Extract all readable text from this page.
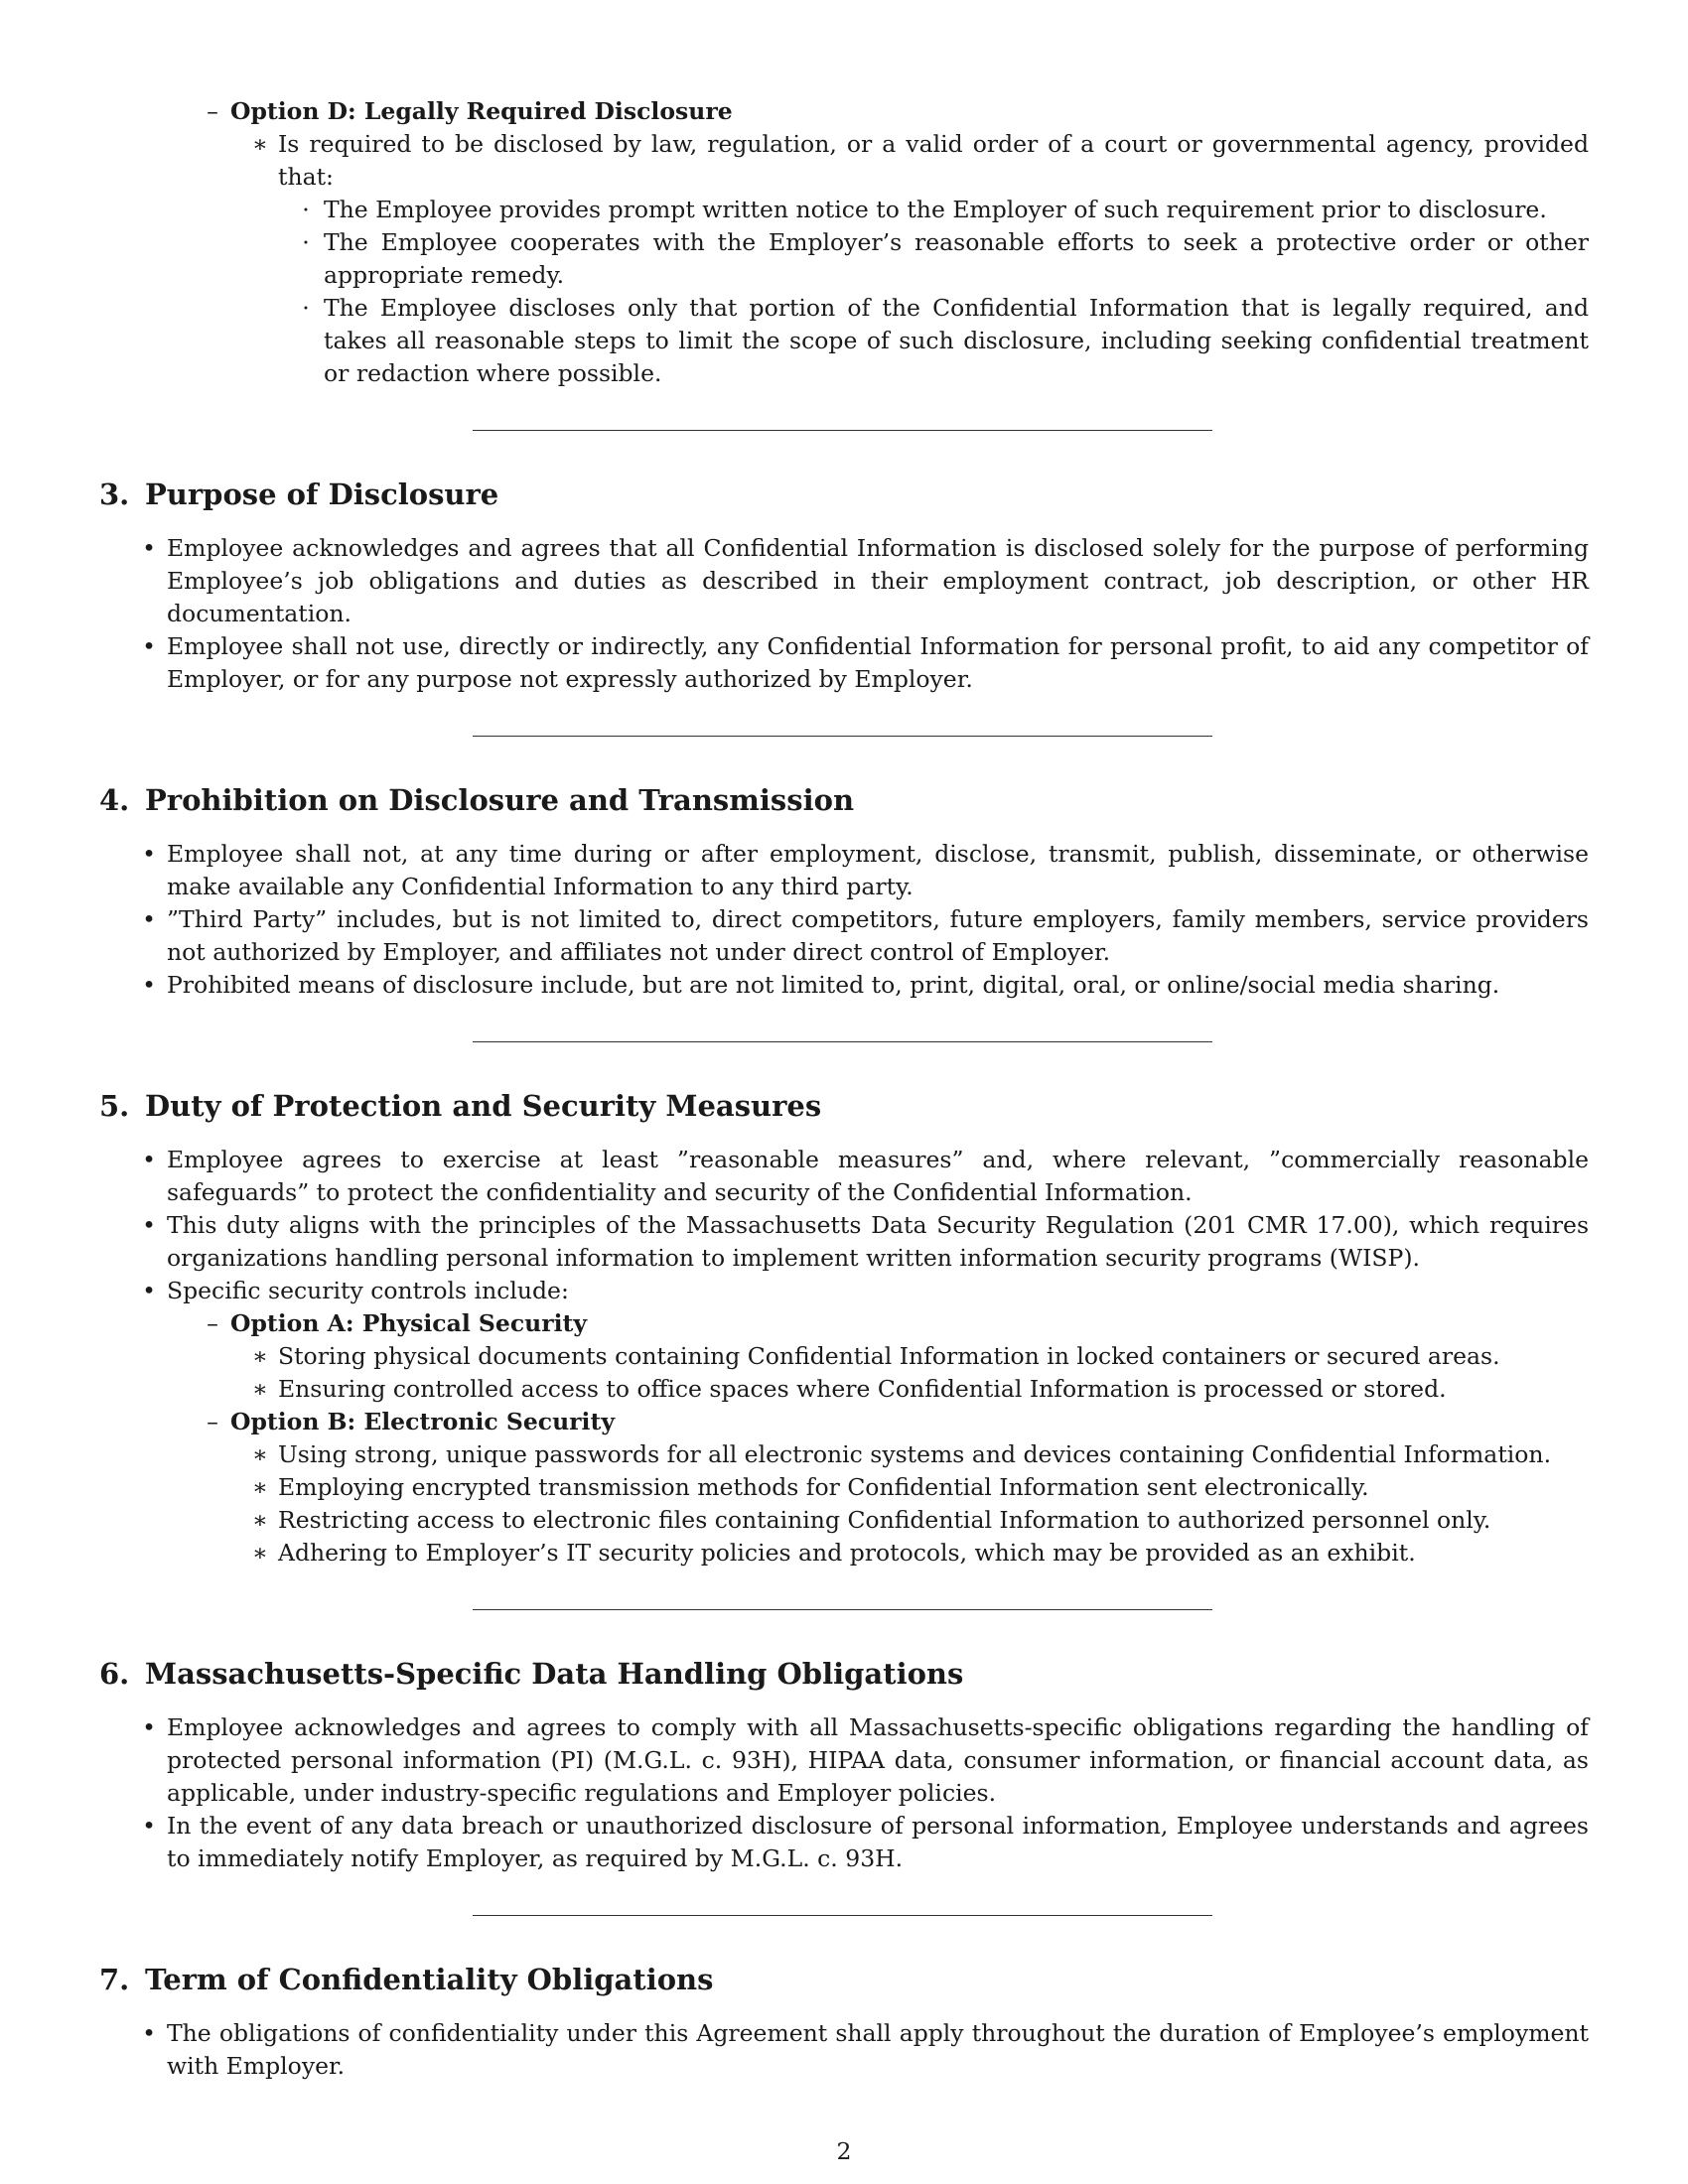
– Option D: Legally Required Disclosure
∗ Is required to be disclosed by law, regulation, or a valid order of a court or governmental agency, provided that:
· The Employee provides prompt written notice to the Employer of such requirement prior to disclosure.
· The Employee cooperates with the Employer’s reasonable efforts to seek a protective order or other appropriate remedy.
· The Employee discloses only that portion of the Confidential Information that is legally required, and takes all reasonable steps to limit the scope of such disclosure, including seeking confidential treatment or redaction where possible.
3. Purpose of Disclosure
• Employee acknowledges and agrees that all Confidential Information is disclosed solely for the purpose of performing Employee’s job obligations and duties as described in their employment contract, job description, or other HR documentation.
• Employee shall not use, directly or indirectly, any Confidential Information for personal profit, to aid any competitor of Employer, or for any purpose not expressly authorized by Employer.
4. Prohibition on Disclosure and Transmission
• Employee shall not, at any time during or after employment, disclose, transmit, publish, disseminate, or otherwise make available any Confidential Information to any third party.
• ”Third Party” includes, but is not limited to, direct competitors, future employers, family members, service providers not authorized by Employer, and affiliates not under direct control of Employer.
• Prohibited means of disclosure include, but are not limited to, print, digital, oral, or online/social media sharing.
5. Duty of Protection and Security Measures
• Employee agrees to exercise at least ”reasonable measures” and, where relevant, ”commercially reasonable safeguards” to protect the confidentiality and security of the Confidential Information.
• This duty aligns with the principles of the Massachusetts Data Security Regulation (201 CMR 17.00), which requires organizations handling personal information to implement written information security programs (WISP).
• Specific security controls include:
– Option A: Physical Security
∗ Storing physical documents containing Confidential Information in locked containers or secured areas.
∗ Ensuring controlled access to office spaces where Confidential Information is processed or stored.
– Option B: Electronic Security
∗ Using strong, unique passwords for all electronic systems and devices containing Confidential Information.
∗ Employing encrypted transmission methods for Confidential Information sent electronically.
∗ Restricting access to electronic files containing Confidential Information to authorized personnel only.
∗ Adhering to Employer’s IT security policies and protocols, which may be provided as an exhibit.
6. Massachusetts-Specific Data Handling Obligations
• Employee acknowledges and agrees to comply with all Massachusetts-specific obligations regarding the handling of protected personal information (PI) (M.G.L. c. 93H), HIPAA data, consumer information, or financial account data, as applicable, under industry-specific regulations and Employer policies.
• In the event of any data breach or unauthorized disclosure of personal information, Employee understands and agrees to immediately notify Employer, as required by M.G.L. c. 93H.
7. Term of Confidentiality Obligations
• The obligations of confidentiality under this Agreement shall apply throughout the duration of Employee’s employment with Employer.
2
